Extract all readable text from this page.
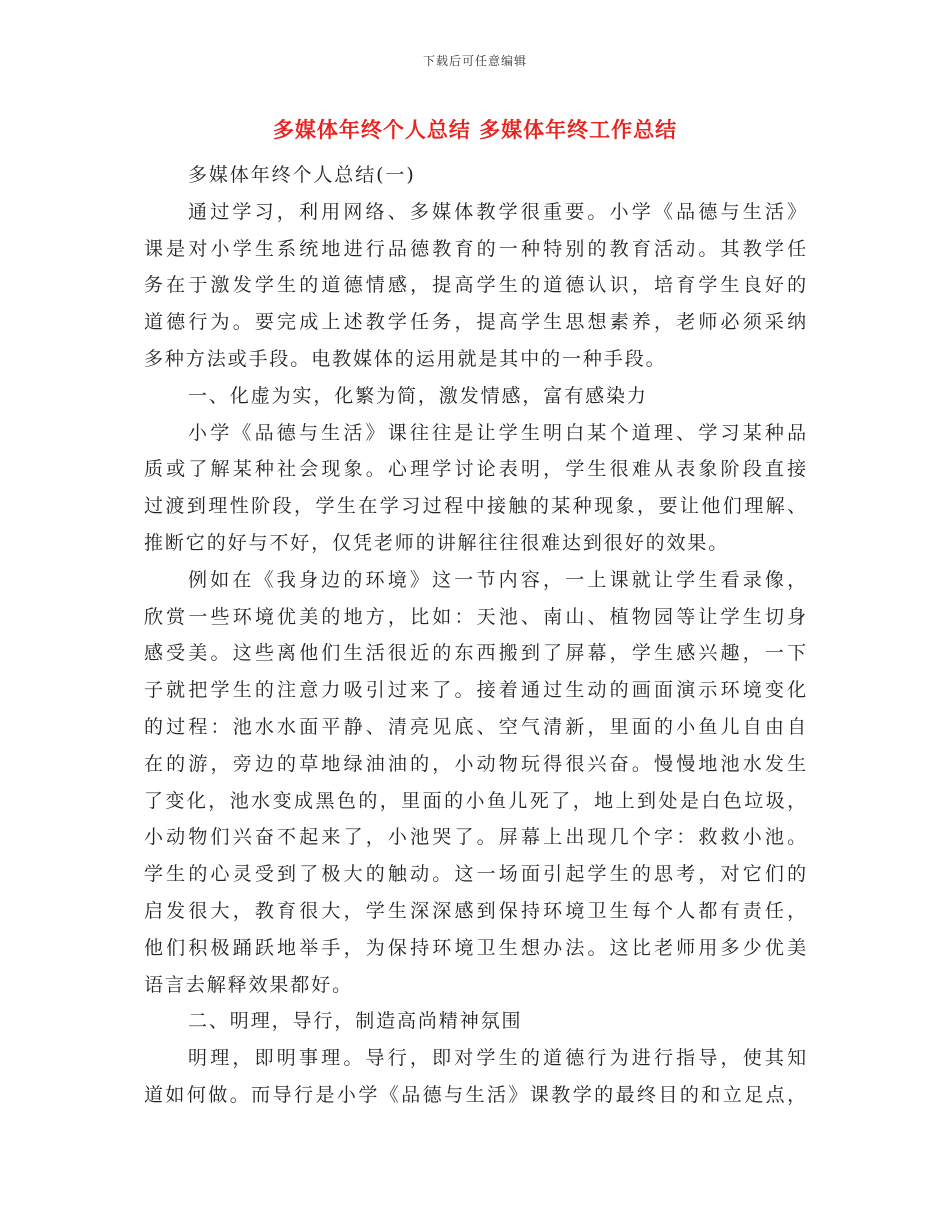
下载后可任意编辑
多媒体年终个人总结 多媒体年终工作总结
多媒体年终个人总结(一)
通过学习，利用网络、多媒体教学很重要。小学《品德与生活》
课是对小学生系统地进行品德教育的一种特别的教育活动。其教学任
务在于激发学生的道德情感，提高学生的道德认识，培育学生良好的
道德行为。要完成上述教学任务，提高学生思想素养，老师必须采纳
多种方法或手段。电教媒体的运用就是其中的一种手段。
一、化虚为实，化繁为简，激发情感，富有感染力
小学《品德与生活》课往往是让学生明白某个道理、学习某种品
质或了解某种社会现象。心理学讨论表明，学生很难从表象阶段直接
过渡到理性阶段，学生在学习过程中接触的某种现象，要让他们理解、
推断它的好与不好，仅凭老师的讲解往往很难达到很好的效果。
例如在《我身边的环境》这一节内容，一上课就让学生看录像，
欣赏一些环境优美的地方，比如：天池、南山、植物园等让学生切身
感受美。这些离他们生活很近的东西搬到了屏幕，学生感兴趣，一下
子就把学生的注意力吸引过来了。接着通过生动的画面演示环境变化
的过程：池水水面平静、清亮见底、空气清新，里面的小鱼儿自由自
在的游，旁边的草地绿油油的，小动物玩得很兴奋。慢慢地池水发生
了变化，池水变成黑色的，里面的小鱼儿死了，地上到处是白色垃圾，
小动物们兴奋不起来了，小池哭了。屏幕上出现几个字：救救小池。
学生的心灵受到了极大的触动。这一场面引起学生的思考，对它们的
启发很大，教育很大，学生深深感到保持环境卫生每个人都有责任，
他们积极踊跃地举手，为保持环境卫生想办法。这比老师用多少优美
语言去解释效果都好。
二、明理，导行，制造高尚精神氛围
明理，即明事理。导行，即对学生的道德行为进行指导，使其知
道如何做。而导行是小学《品德与生活》课教学的最终目的和立足点，
